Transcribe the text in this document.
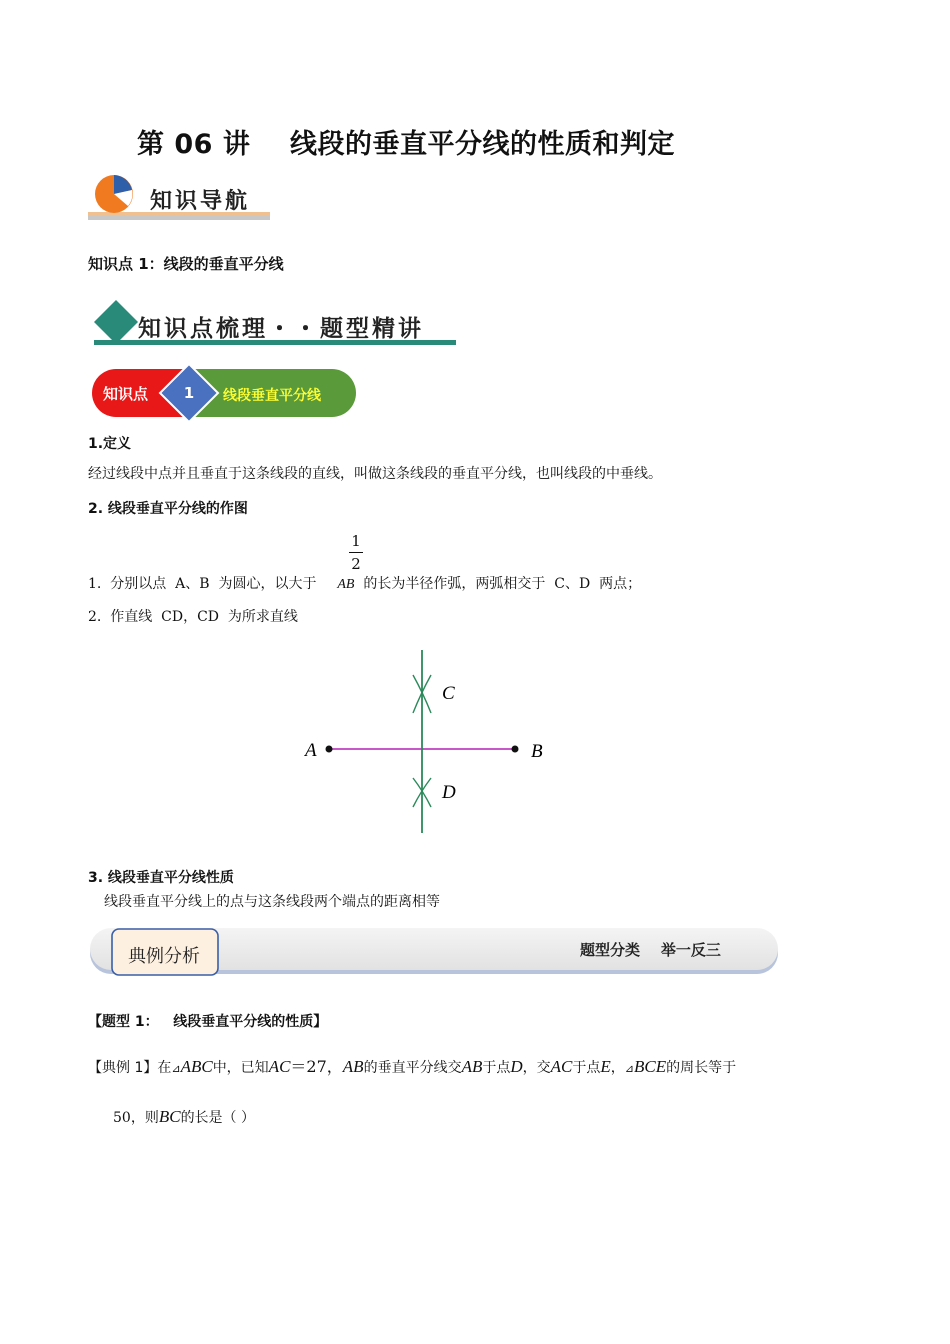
第 06 讲    线段的垂直平分线的性质和判定
知识导航
知识点 1：线段的垂直平分线
知识点梳理・・题型精讲
知识点	1	线段垂直平分线
1.定义
经过线段中点并且垂直于这条线段的直线，叫做这条线段的垂直平分线，也叫线段的中垂线。
2. 线段垂直平分线的作图
1
2
1.  分别以点  A、B  为圆心，以大于 AB 的长为半径作弧，两弧相交于  C、D  两点；
2.  作直线  CD，CD  为所求直线
A	B
C
D
3. 线段垂直平分线性质
线段垂直平分线上的点与这条线段两个端点的距离相等
典例分析	题型分类    举一反三
【题型 1：   线段垂直平分线的性质】
【典例 1】在⊿ABC中，已知AC＝27，AB的垂直平分线交AB于点D，交AC于点E，⊿BCE的周长等于
50，则BC的长是（ ）
